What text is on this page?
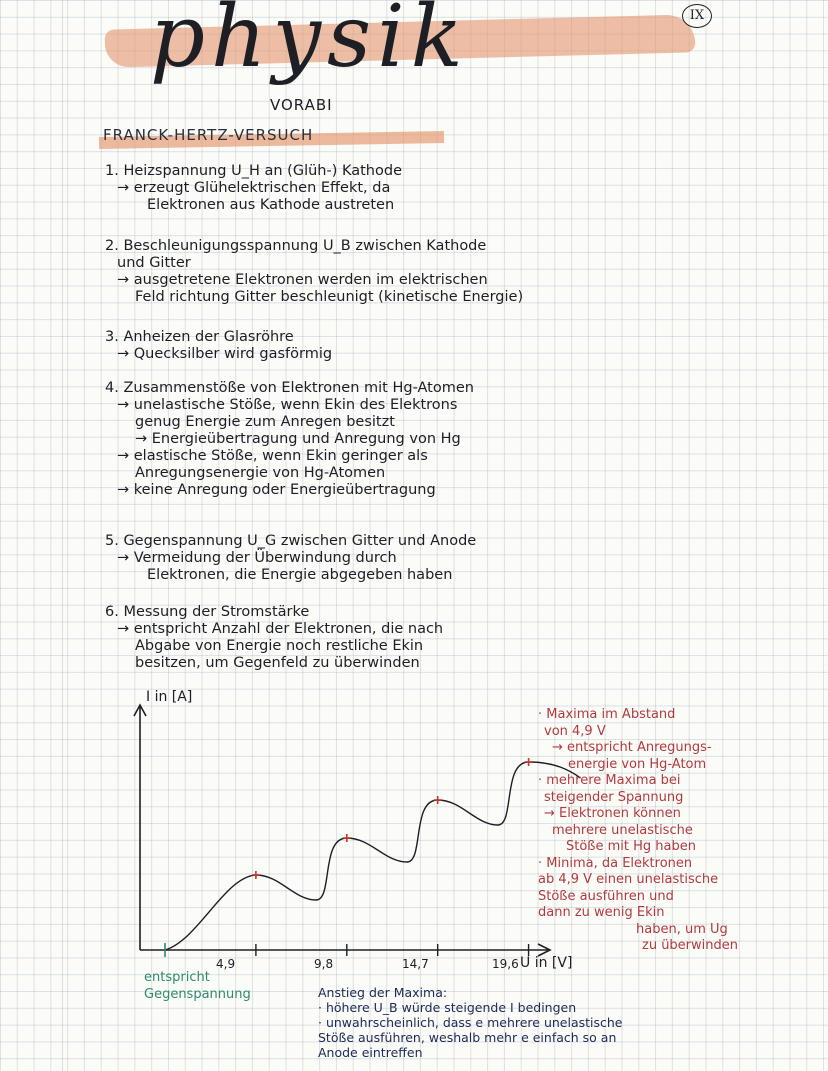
physik	IX
VORABI
FRANCK-HERTZ-VERSUCH
1. Heizspannung U_H an (Glüh-) Kathode
→ erzeugt Glühelektrischen Effekt, da
Elektronen aus Kathode austreten
2. Beschleunigungsspannung U_B zwischen Kathode
und Gitter
→ ausgetretene Elektronen werden im elektrischen
Feld richtung Gitter beschleunigt (kinetische Energie)
3. Anheizen der Glasröhre
→ Quecksilber wird gasförmig
4. Zusammenstöße von Elektronen mit Hg-Atomen
→ unelastische Stöße, wenn Ekin des Elektrons
genug Energie zum Anregen besitzt
→ Energieübertragung und Anregung von Hg
→ elastische Stöße, wenn Ekin geringer als
Anregungsenergie von Hg-Atomen
→ keine Anregung oder Energieübertragung
5. Gegenspannung U_G zwischen Gitter und Anode
→ Vermeidung der Überwindung durch
Elektronen, die Energie abgegeben haben
6. Messung der Stromstärke
→ entspricht Anzahl der Elektronen, die nach
Abgabe von Energie noch restliche Ekin
besitzen, um Gegenfeld zu überwinden
I in [A]
U in [V]
4,9	9,8	14,7	19,6
entspricht
Gegenspannung
· Maxima im Abstand
von 4,9 V
→ entspricht Anregungs-
energie von Hg-Atom
· mehrere Maxima bei
steigender Spannung
→ Elektronen können
mehrere unelastische
Stöße mit Hg haben
· Minima, da Elektronen
ab 4,9 V einen unelastische
Stöße ausführen und
dann zu wenig Ekin
haben, um Ug
zu überwinden
Anstieg der Maxima:
· höhere U_B würde steigende I bedingen
· unwahrscheinlich, dass e mehrere unelastische
Stöße ausführen, weshalb mehr e einfach so an
Anode eintreffen
